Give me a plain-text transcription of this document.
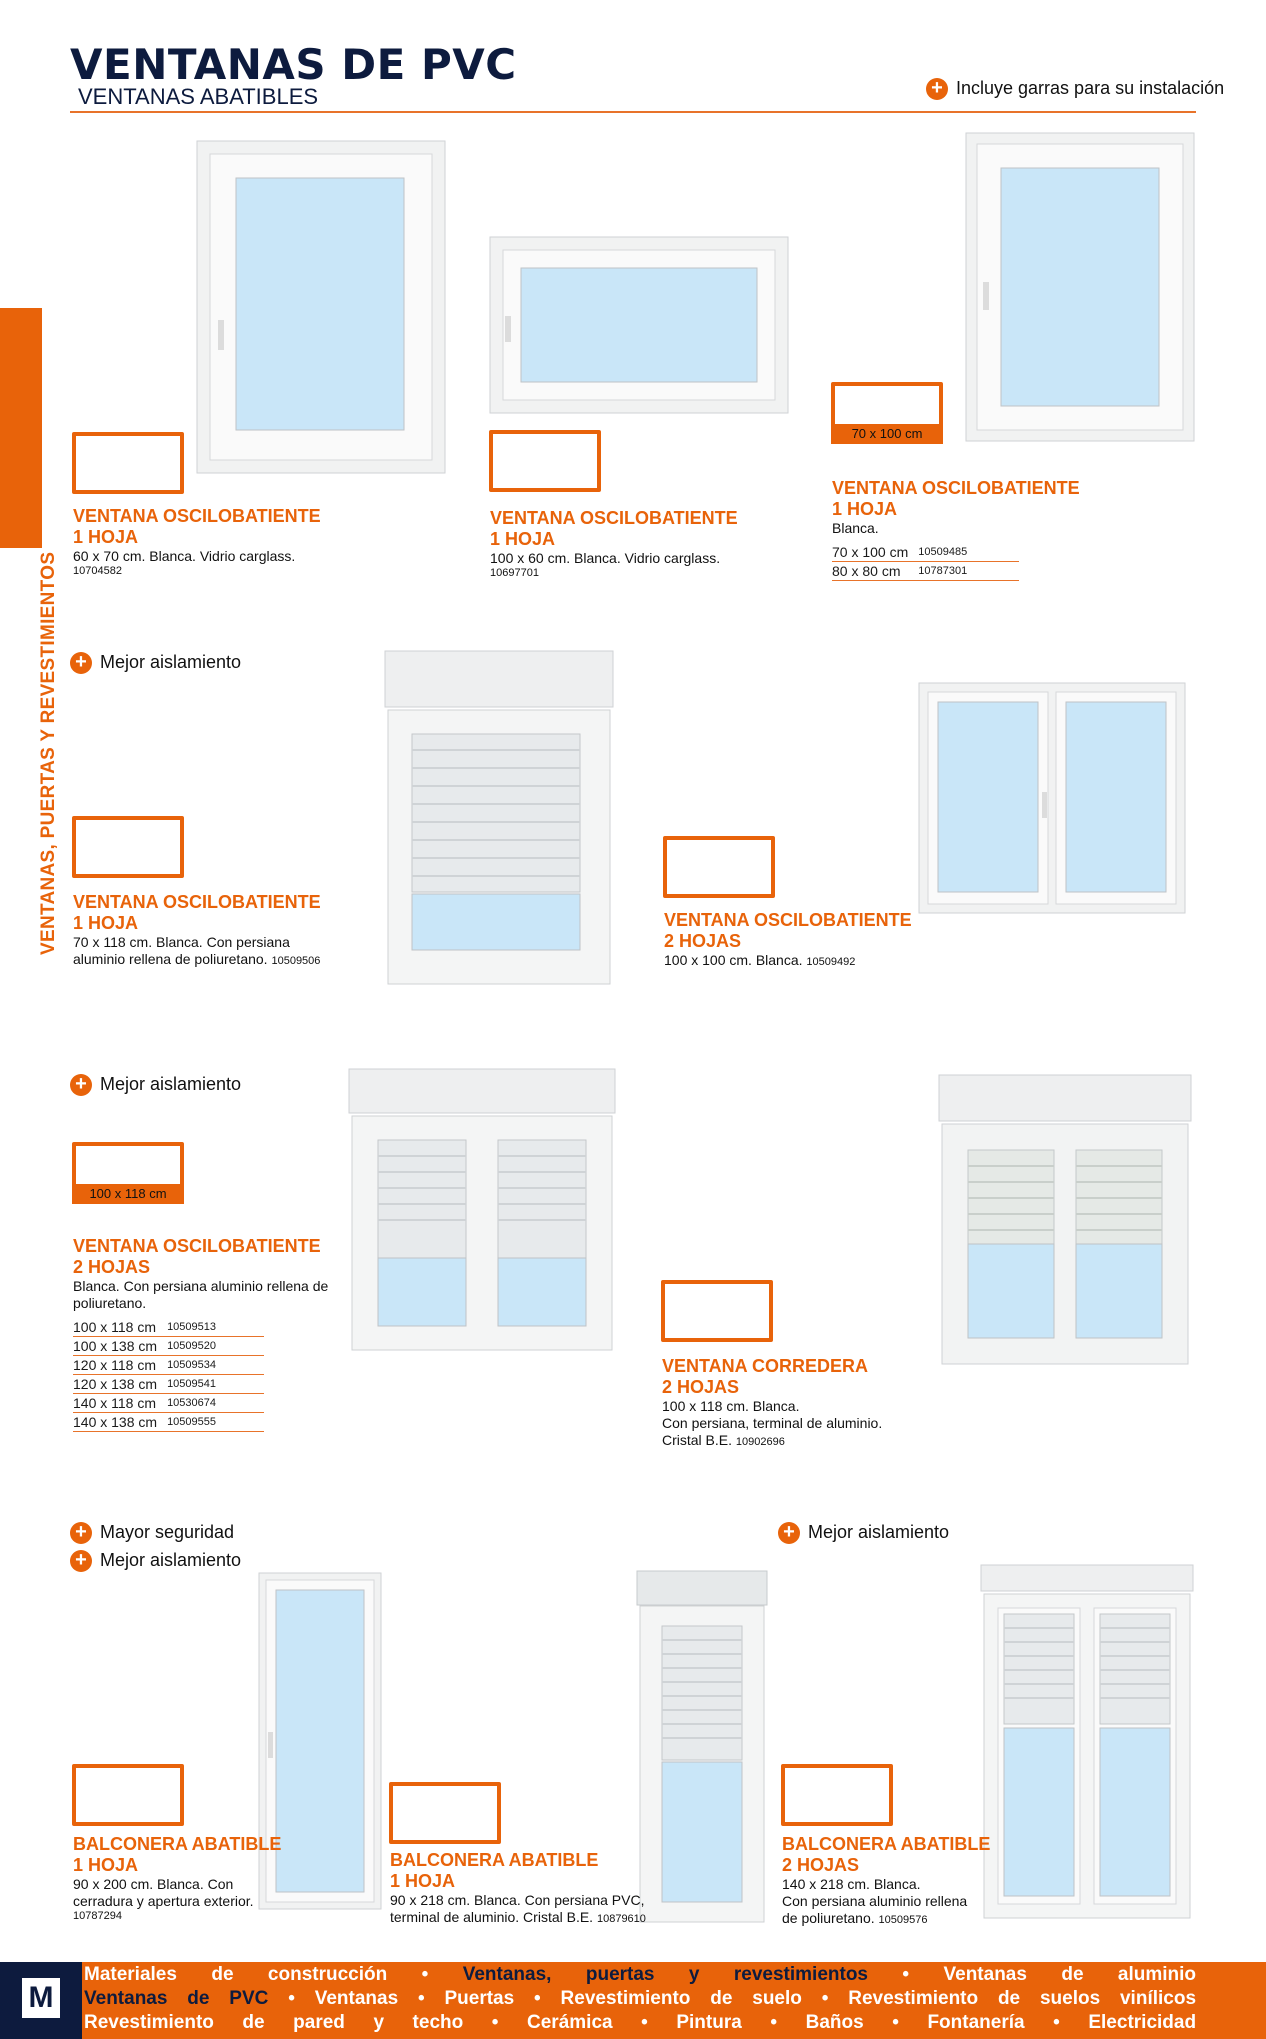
VENTANAS DE PVC
VENTANAS ABATIBLES	+ Incluye garras para su instalación
VENTANAS, PUERTAS Y REVESTIMIENTOS
VENTANA OSCILOBATIENTE
1 HOJA
60 x 70 cm. Blanca. Vidrio carglass.
10704582
VENTANA OSCILOBATIENTE
1 HOJA
100 x 60 cm. Blanca. Vidrio carglass.
10697701
70 x 100 cm
VENTANA OSCILOBATIENTE
1 HOJA
Blanca.
70 x 100 cm	10509485
80 x 80 cm	10787301
+ Mejor aislamiento
VENTANA OSCILOBATIENTE
1 HOJA
70 x 118 cm. Blanca. Con persiana
aluminio rellena de poliuretano. 10509506
VENTANA OSCILOBATIENTE
2 HOJAS
100 x 100 cm. Blanca. 10509492
+ Mejor aislamiento
100 x 118 cm
VENTANA OSCILOBATIENTE
2 HOJAS
Blanca. Con persiana aluminio rellena de
poliuretano.
100 x 118 cm	10509513
100 x 138 cm	10509520
120 x 118 cm	10509534
120 x 138 cm	10509541
140 x 118 cm	10530674
140 x 138 cm	10509555
VENTANA CORREDERA
2 HOJAS
100 x 118 cm. Blanca.
Con persiana, terminal de aluminio.
Cristal B.E. 10902696
+ Mayor seguridad
+ Mejor aislamiento
+ Mejor aislamiento
BALCONERA ABATIBLE
1 HOJA
90 x 200 cm. Blanca. Con
cerradura y apertura exterior.
10787294
BALCONERA ABATIBLE
1 HOJA
90 x 218 cm. Blanca. Con persiana PVC,
terminal de aluminio. Cristal B.E. 10879610
BALCONERA ABATIBLE
2 HOJAS
140 x 218 cm. Blanca.
Con persiana aluminio rellena
de poliuretano. 10509576
M
Materiales de construcción • Ventanas, puertas y revestimientos • Ventanas de aluminio
Ventanas de PVC • Ventanas • Puertas • Revestimiento de suelo • Revestimiento de suelos vinílicos
Revestimiento de pared y techo • Cerámica • Pintura • Baños • Fontanería • Electricidad
